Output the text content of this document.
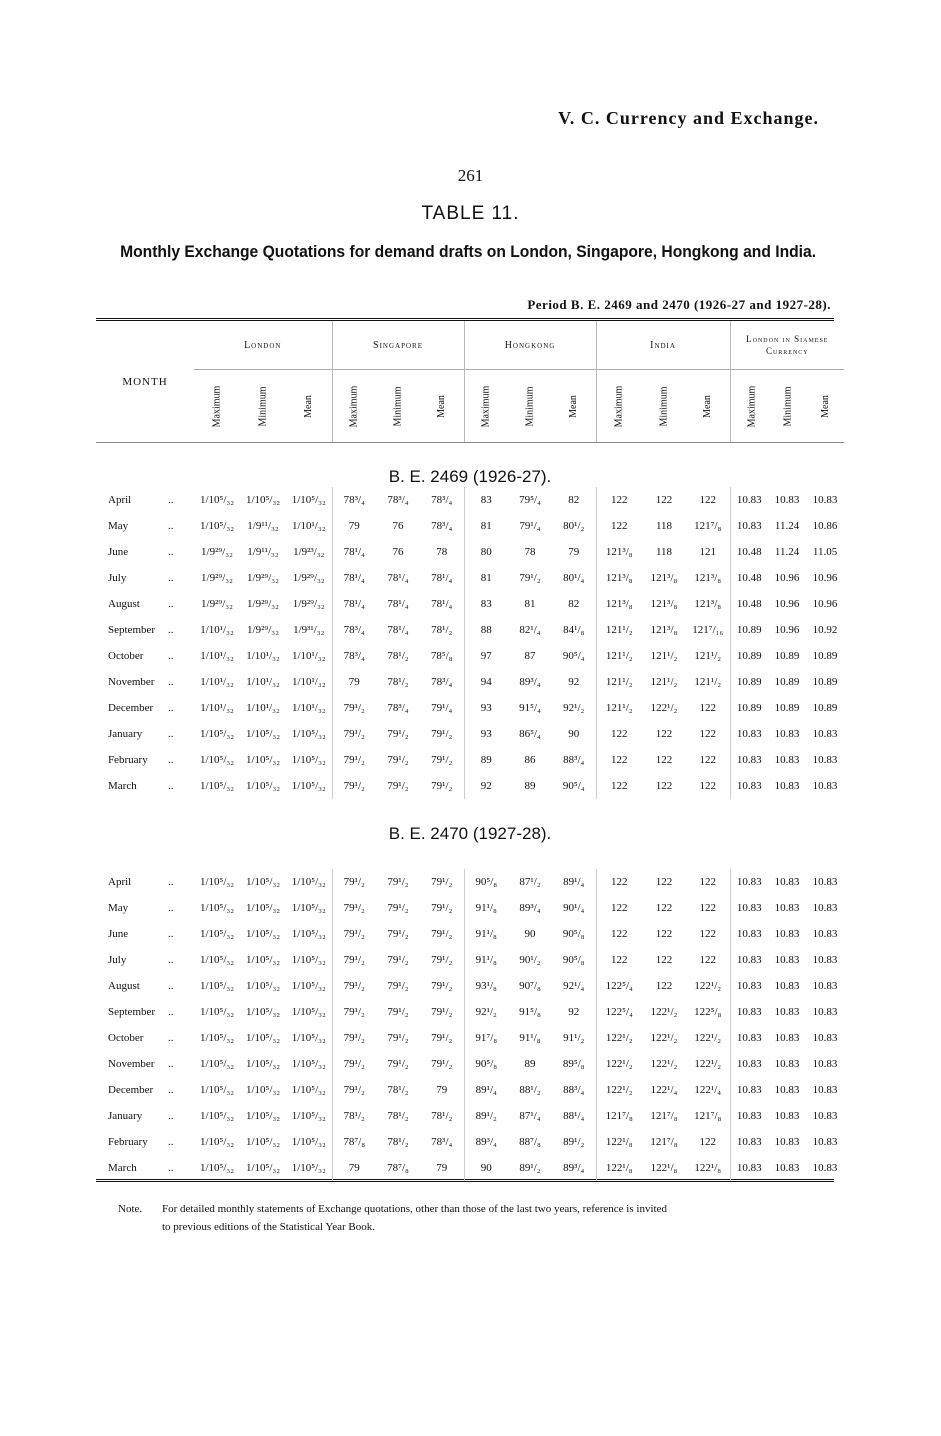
V. C. Currency and Exchange.
261
TABLE 11.
Monthly Exchange Quotations for demand drafts on London, Singapore, Hongkong and India.
Period B. E. 2469 and 2470 (1926-27 and 1927-28).
MONTH		London			Singapore			Hongkong			India			London in Siamese Currency		
		Maximum	Minimum	Mean	Maximum	Minimum	Mean	Maximum	Minimum	Mean	Maximum	Minimum	Mean	Maximum	Minimum	Mean
B. E. 2469 (1926-27).																
April	..	1/10⁵/₃₂	1/10⁵/₃₂	1/10⁵/₃₂	78³/₄	78³/₄	78³/₄	83	79⁵/₄	82	122	122	122	10.83	10.83	10.83
May	..	1/10⁵/₃₂	1/9¹¹/₃₂	1/10¹/₃₂	79	76	78³/₄	81	79¹/₄	80¹/₂	122	118	121⁷/₈	10.83	11.24	10.86
June	..	1/9²⁹/₃₂	1/9¹¹/₃₂	1/9²³/₃₂	78¹/₄	76	78	80	78	79	121³/₈	118	121	10.48	11.24	11.05
July	..	1/9²⁹/₃₂	1/9²⁹/₃₂	1/9²⁹/₃₂	78¹/₄	78¹/₄	78¹/₄	81	79¹/₂	80¹/₄	121³/₈	121³/₈	121³/₈	10.48	10.96	10.96
August	..	1/9²⁹/₃₂	1/9²⁹/₃₂	1/9²⁹/₃₂	78¹/₄	78¹/₄	78¹/₄	83	81	82	121³/₈	121³/₈	121³/₈	10.48	10.96	10.96
September	..	1/10¹/₃₂	1/9²⁹/₃₂	1/9³¹/₃₂	78³/₄	78¹/₄	78¹/₂	88	82¹/₄	84¹/₈	121¹/₂	121³/₈	121⁷/₁₆	10.89	10.96	10.92
October	..	1/10¹/₃₂	1/10¹/₃₂	1/10¹/₃₂	78³/₄	78¹/₂	78⁵/₈	97	87	90⁵/₄	121¹/₂	121¹/₂	121¹/₂	10.89	10.89	10.89
November	..	1/10¹/₃₂	1/10¹/₃₂	1/10¹/₃₂	79	78¹/₂	78³/₄	94	89³/₄	92	121¹/₂	121¹/₂	121¹/₂	10.89	10.89	10.89
December	..	1/10¹/₃₂	1/10¹/₃₂	1/10¹/₃₂	79¹/₂	78³/₄	79¹/₄	93	91⁵/₄	92¹/₂	121¹/₂	122¹/₂	122	10.89	10.89	10.89
January	..	1/10⁵/₃₂	1/10⁵/₃₂	1/10⁵/₃₂	79¹/₂	79¹/₂	79¹/₂	93	86⁵/₄	90	122	122	122	10.83	10.83	10.83
February	..	1/10⁵/₃₂	1/10⁵/₃₂	1/10⁵/₃₂	79¹/₂	79¹/₂	79¹/₂	89	86	88³/₄	122	122	122	10.83	10.83	10.83
March	..	1/10⁵/₃₂	1/10⁵/₃₂	1/10⁵/₃₂	79¹/₂	79¹/₂	79¹/₂	92	89	90⁵/₄	122	122	122	10.83	10.83	10.83
B. E. 2470 (1927-28).																
April	..	1/10⁵/₃₂	1/10⁵/₃₂	1/10⁵/₃₂	79¹/₂	79¹/₂	79¹/₂	90⁵/₈	87¹/₂	89¹/₄	122	122	122	10.83	10.83	10.83
May	..	1/10⁵/₃₂	1/10⁵/₃₂	1/10⁵/₃₂	79¹/₂	79¹/₂	79¹/₂	91¹/₈	89³/₄	90¹/₄	122	122	122	10.83	10.83	10.83
June	..	1/10⁵/₃₂	1/10⁵/₃₂	1/10⁵/₃₂	79¹/₂	79¹/₂	79¹/₂	91¹/₈	90	90⁵/₈	122	122	122	10.83	10.83	10.83
July	..	1/10⁵/₃₂	1/10⁵/₃₂	1/10⁵/₃₂	79¹/₂	79¹/₂	79¹/₂	91¹/₈	90¹/₂	90⁵/₈	122	122	122	10.83	10.83	10.83
August	..	1/10⁵/₃₂	1/10⁵/₃₂	1/10⁵/₃₂	79¹/₂	79¹/₂	79¹/₂	93¹/₈	90⁷/₈	92¹/₄	122⁵/₄	122	122¹/₂	10.83	10.83	10.83
September	..	1/10⁵/₃₂	1/10⁵/₃₂	1/10⁵/₃₂	79¹/₂	79¹/₂	79¹/₂	92¹/₂	91⁵/₈	92	122⁵/₄	122¹/₂	122⁵/₈	10.83	10.83	10.83
October	..	1/10⁵/₃₂	1/10⁵/₃₂	1/10⁵/₃₂	79¹/₂	79¹/₂	79¹/₂	91⁷/₈	91¹/₈	91¹/₂	122¹/₂	122¹/₂	122¹/₂	10.83	10.83	10.83
November	..	1/10⁵/₃₂	1/10⁵/₃₂	1/10⁵/₃₂	79¹/₂	79¹/₂	79¹/₂	90⁵/₈	89	89⁵/₈	122¹/₂	122¹/₂	122¹/₂	10.83	10.83	10.83
December	..	1/10⁵/₃₂	1/10⁵/₃₂	1/10⁵/₃₂	79¹/₂	78¹/₂	79	89¹/₄	88¹/₂	88³/₄	122¹/₂	122¹/₄	122¹/₄	10.83	10.83	10.83
January	..	1/10⁵/₃₂	1/10⁵/₃₂	1/10⁵/₃₂	78¹/₂	78¹/₂	78¹/₂	89¹/₂	87¹/₄	88¹/₄	121⁷/₈	121⁷/₈	121⁷/₈	10.83	10.83	10.83
February	..	1/10⁵/₃₂	1/10⁵/₃₂	1/10⁵/₃₂	78⁷/₈	78¹/₂	78³/₄	89³/₄	88⁷/₈	89¹/₂	122¹/₈	121⁷/₈	122	10.83	10.83	10.83
March	..	1/10⁵/₃₂	1/10⁵/₃₂	1/10⁵/₃₂	79	78⁷/₈	79	90	89¹/₂	89³/₄	122¹/₈	122¹/₈	122¹/₈	10.83	10.83	10.83
Note. For detailed monthly statements of Exchange quotations, other than those of the last two years, reference is invited
to previous editions of the Statistical Year Book.
